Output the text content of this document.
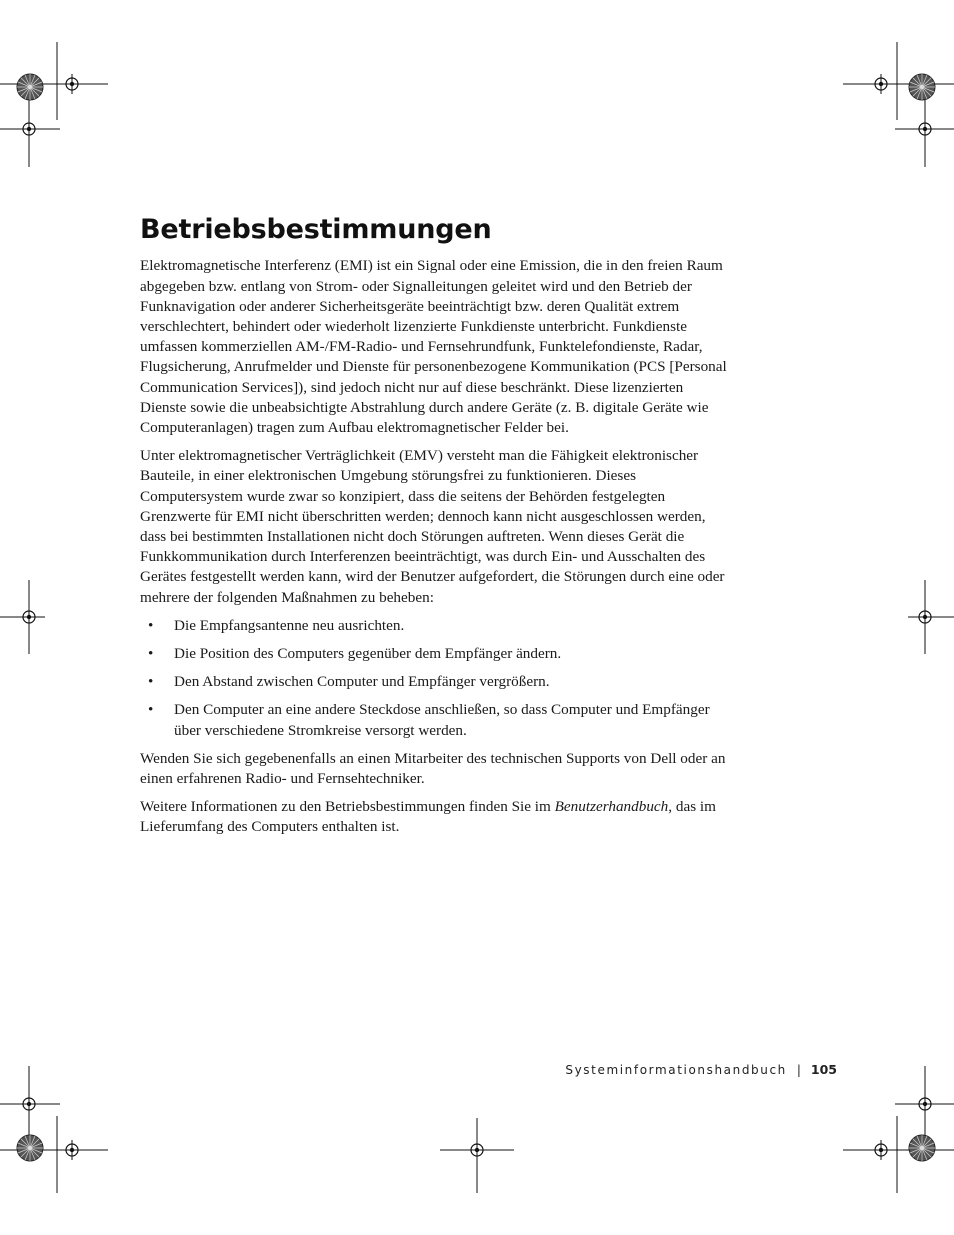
Betriebsbestimmungen

Elektromagnetische Interferenz (EMI) ist ein Signal oder eine Emission, die in den freien Raum abgegeben bzw. entlang von Strom- oder Signalleitungen geleitet wird und den Betrieb der Funknavigation oder anderer Sicherheitsgeräte beeinträchtigt bzw. deren Qualität extrem verschlechtert, behindert oder wiederholt lizenzierte Funkdienste unterbricht. Funkdienste umfassen kommerziellen AM-/FM-Radio- und Fernsehrundfunk, Funktelefondienste, Radar, Flugsicherung, Anrufmelder und Dienste für personenbezogene Kommunikation (PCS [Personal Communication Services]), sind jedoch nicht nur auf diese beschränkt. Diese lizenzierten Dienste sowie die unbeabsichtigte Abstrahlung durch andere Geräte (z. B. digitale Geräte wie Computeranlagen) tragen zum Aufbau elektromagnetischer Felder bei.

Unter elektromagnetischer Verträglichkeit (EMV) versteht man die Fähigkeit elektronischer Bauteile, in einer elektronischen Umgebung störungsfrei zu funktionieren. Dieses Computersystem wurde zwar so konzipiert, dass die seitens der Behörden festgelegten Grenzwerte für EMI nicht überschritten werden; dennoch kann nicht ausgeschlossen werden, dass bei bestimmten Installationen nicht doch Störungen auftreten. Wenn dieses Gerät die Funkkommunikation durch Interferenzen beeinträchtigt, was durch Ein- und Ausschalten des Gerätes festgestellt werden kann, wird der Benutzer aufgefordert, die Störungen durch eine oder mehrere der folgenden Maßnahmen zu beheben:

• Die Empfangsantenne neu ausrichten.
• Die Position des Computers gegenüber dem Empfänger ändern.
• Den Abstand zwischen Computer und Empfänger vergrößern.
• Den Computer an eine andere Steckdose anschließen, so dass Computer und Empfänger über verschiedene Stromkreise versorgt werden.

Wenden Sie sich gegebenenfalls an einen Mitarbeiter des technischen Supports von Dell oder an einen erfahrenen Radio- und Fernsehtechniker.

Weitere Informationen zu den Betriebsbestimmungen finden Sie im Benutzerhandbuch, das im Lieferumfang des Computers enthalten ist.

Systeminformationshandbuch | 105
